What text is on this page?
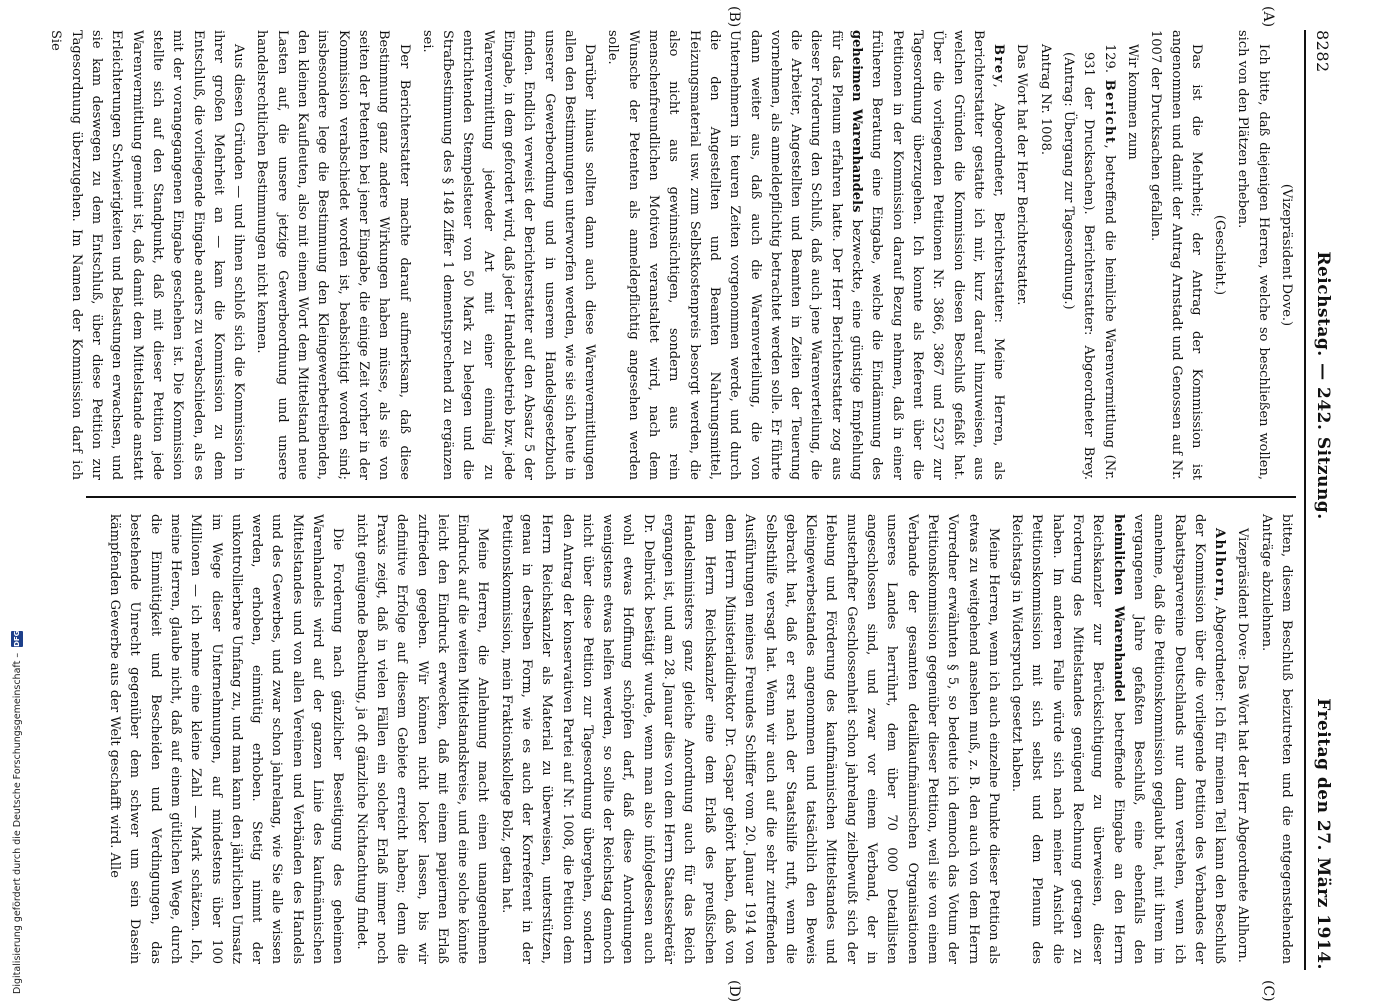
8282
Reichstag. — 242. Sitzung.
Freitag den 27. März 1914.
(A)
(B)
(C)
(D)

(Vizepräsident Dove.)

Ich bitte, daß diejenigen Herren, welche so beschließen wollen, sich von den Plätzen erheben.

(Geschieht.)

Das ist die Mehrheit; der Antrag der Kommission ist angenommen und damit der Antrag Arnstadt und Genossen auf Nr. 1007 der Drucksachen gefallen.

Wir kommen zum

129. Bericht, betreffend die heimliche Warenvermittlung (Nr. 931 der Drucksachen). Berichterstatter: Abgeordneter Brey. (Antrag: Übergang zur Tagesordnung.)

Antrag Nr. 1008.

Das Wort hat der Herr Berichterstatter.

Brey, Abgeordneter, Berichterstatter: Meine Herren, als Berichterstatter gestatte ich mir, kurz darauf hinzuweisen, aus welchen Gründen die Kommission diesen Beschluß gefaßt hat. Über die vorliegenden Petitionen Nr. 3866, 3867 und 5237 zur Tagesordnung überzugehen. Ich konnte als Referent über die Petitionen in der Kommission darauf Bezug nehmen, daß in einer früheren Beratung eine Eingabe, welche die Eindämmung des geheimen Warenhandels bezweckte, eine günstige Empfehlung für das Plenum erfahren hatte. Der Herr Berichterstatter zog aus dieser Forderung den Schluß, daß auch jene Warenverteilung, die die Arbeiter, Angestellten und Beamten in Zeiten der Teuerung vornehmen, als anmeldepflichtig betrachtet werden solle. Er führte dann weiter aus, daß auch die Warenverteilung, die von Unternehmern in teuren Zeiten vorgenommen werde, und durch die den Angestellten und Beamten Nahrungsmittel, Heizungsmaterial usw. zum Selbstkostenpreis besorgt werden, die also nicht aus gewinnsüchtigen, sondern aus rein menschenfreundlichen Motiven veranstaltet wird, nach dem Wunsche der Petenten als anmeldepflichtig angesehen werden solle.

Darüber hinaus sollten dann auch diese Warenvermittlungen allen den Bestimmungen unterworfen werden, wie sie sich heute in unserer Gewerbeordnung und in unserem Handelsgesetzbuch finden. Endlich verweist der Berichterstatter auf den Absatz 5 der Eingabe, in dem gefordert wird, daß jeder Handelsbetrieb bzw. jede Warenvermittlung jedweder Art mit einer einmalig zu entrichtenden Stempelsteuer von 50 Mark zu belegen und die Strafbestimmung des § 148 Ziffer 1 dementsprechend zu ergänzen sei.

Der Berichterstatter machte darauf aufmerksam, daß diese Bestimmung ganz andere Wirkungen haben müsse, als sie von seiten der Petenten bei jener Eingabe, die einige Zeit vorher in der Kommission verabschiedet worden ist, beabsichtigt worden sind; insbesondere lege die Bestimmung den Kleingewerbetreibenden, den kleinen Kaufleuten, also mit einem Wort dem Mittelstand neue Lasten auf, die unsere jetzige Gewerbeordnung und unsere handelsrechtlichen Bestimmungen nicht kennen.

Aus diesen Gründen — und ihnen schloß sich die Kommission in ihrer großen Mehrheit an — kam die Kommission zu dem Entschluß, die vorliegende Eingabe anders zu verabschieden, als es mit der vorangegangenen Eingabe geschehen ist. Die Kommission stellte sich auf den Standpunkt, daß mit dieser Petition jede Warenvermittlung gemeint ist, daß damit dem Mittelstande anstatt Erleichterungen Schwierigkeiten und Belastungen erwachsen, und sie kam deswegen zu dem Entschluß, über diese Petition zur Tagesordnung überzugehen. Im Namen der Kommission darf ich Sie

bitten, diesem Beschluß beizutreten und die entgegenstehenden Anträge abzulehnen.

Vizepräsident Dove: Das Wort hat der Herr Abgeordnete Ahlhorn.

Ahlhorn, Abgeordneter: Ich für meinen Teil kann den Beschluß der Kommission über die vorliegende Petition des Verbandes der Rabattsparvereine Deutschlands nur dann verstehen, wenn ich annehme, daß die Petitionskommission geglaubt hat, mit ihrem im vergangenen Jahre gefaßten Beschluß, eine ebenfalls den heimlichen Warenhandel betreffende Eingabe an den Herrn Reichskanzler zur Berücksichtigung zu überweisen, dieser Forderung des Mittelstandes genügend Rechnung getragen zu haben. Im anderen Falle würde sich nach meiner Ansicht die Petitionskommission mit sich selbst und dem Plenum des Reichstags in Widerspruch gesetzt haben.

Meine Herren, wenn ich auch einzelne Punkte dieser Petition als etwas zu weitgehend ansehen muß, z. B. den auch von dem Herrn Vorredner erwähnten § 5, so bedeute ich dennoch das Votum der Petitionskommission gegenüber dieser Petition, weil sie von einem Verbande der gesamten detailkaufmännischen Organisationen unseres Landes herrührt, dem über 70 000 Detaillisten angeschlossen sind, und zwar vor einem Verband, der in musterhafter Geschlossenheit schon jahrelang zielbewußt sich der Hebung und Förderung des kaufmännischen Mittelstandes und Kleingewerbestandes angenommen und tatsächlich den Beweis gebracht hat, daß er erst nach der Staatshilfe ruft, wenn die Selbsthilfe versagt hat. Wenn wir auch auf die sehr zutreffenden Ausführungen meines Freundes Schiffer vom 20. Januar 1914 von dem Herrn Ministerialdirektor Dr. Caspar gehört haben, daß von dem Herrn Reichskanzler eine dem Erlaß des preußischen Handelsministers ganz gleiche Anordnung auch für das Reich ergangen ist, und am 28. Januar dies von dem Herrn Staatssekretär Dr. Delbrück bestätigt wurde, wenn man also infolgedessen auch wohl etwas Hoffnung schöpfen darf, daß diese Anordnungen wenigstens etwas helfen werden, so sollte der Reichstag dennoch nicht über diese Petition zur Tagesordnung übergehen, sondern den Antrag der konservativen Partei auf Nr. 1008, die Petition dem Herrn Reichskanzler als Material zu überweisen, unterstützen, genau in derselben Form, wie es auch der Korreferent in der Petitionskommission, mein Fraktionskollege Bolz, getan hat.

Meine Herren, die Anlehnung macht einen unangenehmen Eindruck auf die weiten Mittelstandskreise, und eine solche könnte leicht den Eindruck erwecken, daß mit einem papiernen Erlaß zufrieden gegeben. Wir können nicht locker lassen, bis wir definitive Erfolge auf diesem Gebiete erreicht haben; denn die Praxis zeigt, daß in vielen Fällen ein solcher Erlaß immer noch nicht genügende Beachtung, ja oft gänzliche Nichtachtung findet.

Die Forderung nach gänzlicher Beseitigung des geheimen Warenhandels wird auf der ganzen Linie des kaufmännischen Mittelstandes und von allen Vereinen und Verbänden des Handels und des Gewerbes, und zwar schon jahrelang, wie Sie alle wissen werden, erhoben, einmütig erhoben. Stetig nimmt der unkontrollierbare Umfang zu, und man kann den jährlichen Umsatz im Wege dieser Unternehmungen, auf mindestens über 100 Millionen — ich nehme eine kleine Zahl — Mark schätzen. Ich, meine Herren, glaube nicht, daß auf einem gütlichen Wege, durch die Einmütigkeit und Bescheiden und Verdingungen, das bestehende Unrecht gegenüber dem schwer um sein Dasein kämpfenden Gewerbe aus der Welt geschafft wird. Alle

Digitalisierung gefördert durch die Deutsche Forschungsgemeinschaft –
DFG
